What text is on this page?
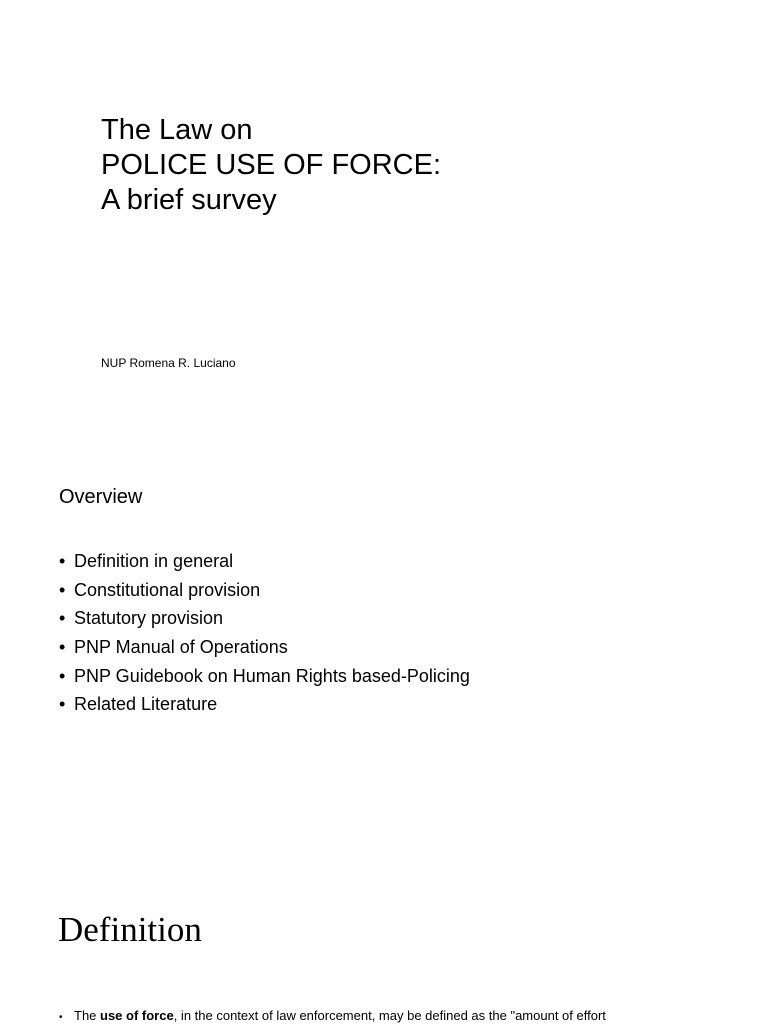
The Law on
POLICE USE OF FORCE:
A brief survey
NUP Romena R. Luciano
Overview
• Definition in general
• Constitutional provision
• Statutory provision
• PNP Manual of Operations
• PNP Guidebook on Human Rights based-Policing
• Related Literature
Definition

• The use of force, in the context of law enforcement, may be defined as the "amount of effort
